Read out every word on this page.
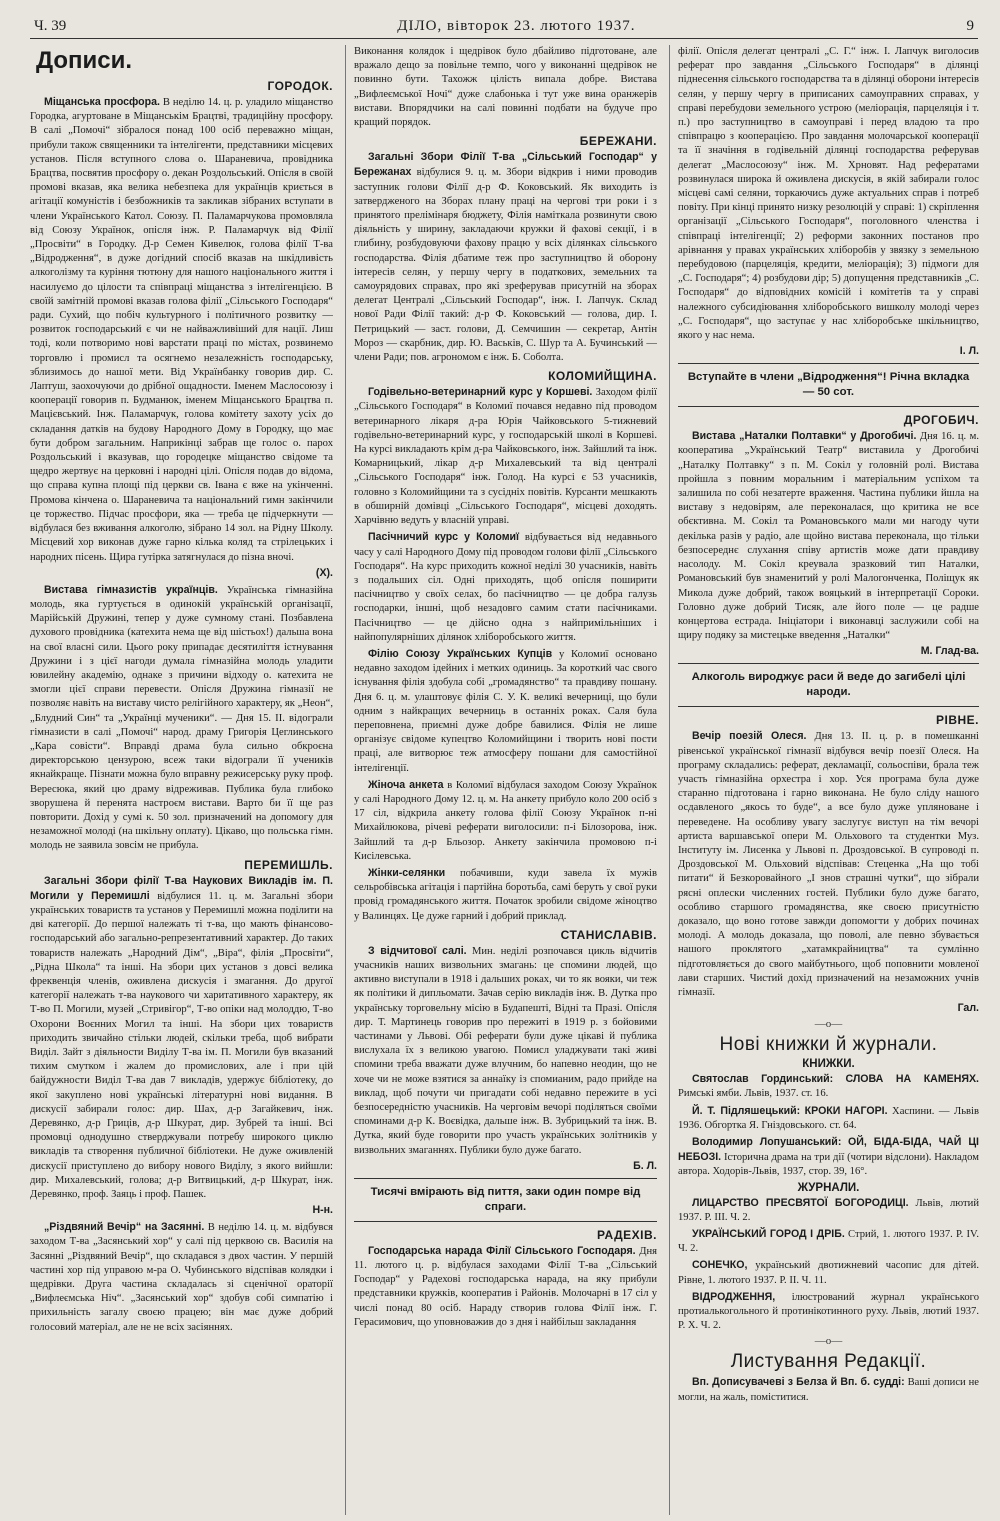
Ч. 39	ДІЛО, вівторок 23. лютого 1937.	9
Дописи.
ГОРОДОК.

Міщанська просфора. В неділю 14. ц. р. уладило міщанство Городка, агуртоване в Міщанськім Брацтві, традиційну просфору. В салі „Помочі“ зібралося понад 100 осіб переважно міщан, прибули також священники та інтелігенти, представники місцевих установ. Після вступного слова о. Шараневича, провідника Брацтва, посвятив просфору о. декан Роздольський. Опісля в своїй промові вказав, яка велика небезпека для українців криється в агітації комуністів і безбожників та закликав зібраних вступати в члени Українського Катол. Союзу. П. Паламарчукова промовляла від Союзу Українок, опісля інж. Р. Паламарчук від Філії „Просвіти“ в Городку. Д-р Семен Кивелюк, голова філії Т-ва „Відродження“, в дуже догідний спосіб вказав на шкідливість алкоголізму та куріння тютюну для нашого національного життя і насилуємо до цілости та співпраці міщанства з інтелігенцією. В своїй замітній промові вказав голова філії „Сільського Господаря“ ради. Сухий, що побіч культурного і політичного розвитку — розвиток господарський є чи не найважливіший для нації. Лиш тоді, коли потворимо нові варстати праці по містах, розвинемо торговлю і промисл та осягнемо незалежність господарську, зблизимось до нашої мети. Від Українбанку говорив дир. С. Лаптуш, заохочуючи до дрібної ощадности. Іменем Маслосоюзу і кооперації говорив п. Будманюк, іменем Міщанського Брацтва п. Мацієвський. Інж. Паламарчук, голова комітету захоту усіх до складання датків на будову Народного Дому в Городку, що має бути добром загальним. Наприкінці забрав ще голос о. парох Роздольський і вказував, що городецке міщанство свідоме та щедро жертвує на церковні і народні цілі. Опісля подав до відома, що справа купна площі під церкви св. Івана є вже на укінченні. Промова кінчена о. Шараневича та національний гимн закінчили це торжество. Підчас просфори, яка — треба це підчеркнути — відбулася без вживання алкоголю, зібрано 14 зол. на Рідну Школу. Місцевий хор виконав дуже гарно кілька коляд та стрілецьких і народних пісень. Щира гутірка затягнулася до пізна вночі.

(Х).

Вистава гімназистів українців. Українська гімназійна молодь, яка гуртується в одинокій українській організації, Марійській Дружині, тепер у дуже сумному стані. Позбавлена духового провідника (катехита нема ще від шістьох!) дальша вона на свої власні сили. Цього року припадає десятиліття істнування Дружини і з цієї нагоди думала гімназійна молодь уладити ювилейну академію, однаке з причини відходу о. катехита не змогли цієї справи перевести. Опісля Дружина гімназії не позволяє навіть на виставу чисто релігійного характеру, як „Неон“, „Блудний Син“ та „Українці мученики“. — Дня 15. II. відограли гімназисти в салі „Помочі“ народ. драму Григорія Цеглинського „Кара совісти“. Вправді драма була сильно обкроєна директорською цензурою, всеж таки відограли її учеників якнайкраще. Пізнати можна було вправну режисерську руку проф. Вересюка, який цю драму відреживав. Публика була глибоко зворушена й перенята настроєм вистави. Варто би її ще раз повторити. Дохід у сумі к. 50 зол. призначений на допомогу для незаможної молоді (на шкільну оплату). Цікаво, що польська гімн. молодь не заявила зовсім не прибула.

ПЕРЕМИШЛЬ.

Загальні Збори філії Т-ва Наукових Викладів ім. П. Могили у Перемишлі відбулися 11. ц. м. Загальні збори українських товариств та установ у Перемишлі можна поділити на дві категорії. До першої належать ті т-ва, що мають фінансово-господарський або загально-репрезентативний характер. До таких товариств належать „Народний Дім“, „Віра“, філія „Просвіти“, „Рідна Школа“ та інші. На збори цих установ з довсі велика фреквенція членів, оживлена дискусія і змагання. До другої категорії належать т-ва наукового чи харитативного характеру, як Т-во П. Могили, музей „Стривігор“, Т-во опіки над молоддю, Т-во Охорони Воєнних Могил та інші. На збори цих товариств приходить звичайно стільки людей, скільки треба, щоб вибрати Виділ. Зайт з діяльности Виділу Т-ва ім. П. Могили був вказаний тихим смутком і жалем до промислових, але і при цій байдужности Виділ Т-ва дав 7 викладів, удержує бібліотеку, до якої закуплено нові українські літературні нові видання. В дискусії забирали голос: дир. Шах, д-р Загайкевич, інж. Деревянко, д-р Гриців, д-р Шкурат, дир. Зубрей та інші. Всі промовці однодушно стверджували потребу широкого циклю викладів та створення публичної бібліотеки. Не дуже оживленій дискусії приступлено до вибору нового Виділу, з якого вийшли: дир. Михалевський, голова; д-р Витвицький, д-р Шкурат, інж. Деревянко, проф. Заяць і проф. Пашек.

Н-н.

„Різдвяний Вечір“ на Засянні. В неділю 14. ц. м. відбувся заходом Т-ва „Засянський хор“ у салі під церквою св. Василія на Засянні „Різдвяний Вечір“, що складався з двох частин. У першій частині хор під управою м-ра О. Чубинського відспівав колядки і щедрівки. Друга частина складалась зі сценічної ораторії „Вифлеємська Ніч“. „Засянський хор“ здобув собі симпатію і прихильність загалу своєю працею; він має дуже добрий голосовий матеріал, але не не всіх засіяннях.

Виконання колядок і щедрівок було дбайливо підготоване, але вражало дещо за повільне темпо, чого у виконанні щедрівок не повинно бути. Тахожж цілість випала добре. Вистава „Вифлеємської Ночі“ дуже слабонька і тут уже вина оранжерів вистави. Впорядчики на салі повинні подбати на будуче про кращий порядок.

БЕРЕЖАНИ.

Загальні Збори Філії Т-ва „Сільський Господар“ у Бережанах відбулися 9. ц. м. Збори відкрив і ними проводив заступник голови Філії д-р Ф. Коковський. Як виходить із затвердженого на Зборах плану праці на чергові три роки і з принятого прелімінаря бюджету, Філія наміткала розвинути свою діяльність у ширину, закладаючи кружки й фахові секції, і в глибину, розбудовуючи фахову працю у всіх ділянках сільського господарства. Філія дбатиме теж про заступництво й оборону інтересів селян, у першу чергу в податкових, земельних та самоурядових справах, про які зреферував присутній на зборах делегат Централі „Сільський Господар“, інж. І. Лапчук. Склад нової Ради Філії такий: д-р Ф. Коковський — голова, дир. І. Петрицький — заст. голови, Д. Семчишин — секретар, Антін Мороз — скарбник, дир. Ю. Васьків, С. Шур та А. Бучинський — члени Ради; пов. агрономом є інж. Б. Соболта.

КОЛОМИЙЩИНА.

Годівельно-ветеринарний курс у Коршеві. Заходом філії „Сільського Господаря“ в Коломиї почався недавно під проводом ветеринарного лікаря д-ра Юрія Чайковського 5-тижневий годівельно-ветеринарний курс, у господарській школі в Коршеві. На курсі викладають крім д-ра Чайковського, інж. Зайшлий та інж. Комарницький, лікар д-р Михалевський та від централі „Сільського Господаря“ інж. Голод. На курсі є 53 учасників, головно з Коломийщини та з сусідніх повітів. Курсанти мешкають в обширній домівці „Сільського Господаря“, місцеві доходять. Харчівню ведуть у власній управі.

Пасічничий курс у Коломиї відбувається від недавнього часу у салі Народного Дому під проводом голови філії „Сільського Господаря“. На курс приходить кожної неділі 30 учасників, навіть з подальших сіл. Одні приходять, щоб опісля поширити пасічництво у своїх селах, бо пасічництво — це добра галузь господарки, іншні, щоб незадовго самим стати пасічниками. Пасічництво — це дійсно одна з найпримільніших і найпопулярніших ділянок хліборобського життя.

Філію Союзу Українських Купців у Коломиї основано недавно заходом ідейних і метких одиниць. За короткий час свого існування філія здобула собі „громадянство“ та правдиву пошану. Дня 6. ц. м. улаштовує філія С. У. К. великі вечерниці, що були одним з найкращих вечерниць в останніх роках. Саля була переповнена, приємні дуже добре бавилися. Філія не лише організує свідоме купецтво Коломийщини і творить нові пости праці, але витворює теж атмосферу пошани для самостійної інтелігенції.

Жіноча анкета в Коломиї відбулася заходом Союзу Українок у салі Народного Дому 12. ц. м. На анкету прибуло коло 200 осіб з 17 сіл, відкрила анкету голова філії Союзу Українок п-ні Михайлюкова, річеві реферати виголосили: п-і Білозорова, інж. Зайшлий та д-р Бльозор. Анкету закінчила промовою п-і Кисілевська.

Жінки-селянки побачивши, куди завела їх мужів сельробівська агітація і партійна боротьба, самі беруть у свої руки провід громадянського життя. Початок зробили свідоме жіноцтво у Валинцях. Це дуже гарний і добрий приклад.

СТАНИСЛАВІВ.

З відчитової салі. Мин. неділі розпочався цикль відчитів учасників наших визвольних змагань: це спомини людей, що активно виступали в 1918 і дальших роках, чи то як вояки, чи теж як політики й дипльомати. Зачав серію викладів інж. В. Дутка про українську торговельну місію в Будапешті, Відні та Празі. Опісля дир. Т. Мартинець говорив про пережиті в 1919 р. з бойовими частинами у Львові. Обі реферати були дуже цікаві й публика вислухала їх з великою увагою. Помисл уладжувати такі живі спомини треба вважати дуже влучним, бо напевно неодин, що не хоче чи не може взятися за аннаїку із спомианим, радо прийде на виклад, щоб почути чи пригадати собі недавно пережите в усі безпосередністю учасників. На черговім вечорі поділяться своїми споминами д-р К. Воєвідка, дальше інж. В. Зубрицький та інж. В. Дутка, який буде говорити про участь українських золітників у визвольних змаганнях. Публики було дуже багато.

Б. Л.
Тисячі вмірають від пиття, заки один помре від спраги.
РАДЕХІВ.

Господарська нарада Філії Сільського Господаря. Дня 11. лютого ц. р. відбулася заходами Філії Т-ва „Сільський Господар“ у Радехові господарська нарада, на яку прибули представники кружків, кооператив і Районів. Молочарні в 17 сіл у числі понад 80 осіб. Нараду створив голова Філії інж. Г. Герасимович, що уповноважив до з дня і найбільш закладання

філії. Опісля делегат централі „С. Г.“ інж. І. Лапчук виголосив реферат про завдання „Сільського Господаря“ в ділянці піднесення сільського господарства та в ділянці оборони інтересів селян, у першу чергу в приписаних самоуправних справах, у справі перебудови земельного устрою (меліорація, парцеляція і т. п.) про заступництво в самоуправі і перед владою та про співпрацю з кооперацією. Про завдання молочарської кооперації та її значіння в годівельній ділянці господарства реферував делегат „Маслосоюзу“ інж. М. Хрновят. Над рефератами розвинулася широка й оживлена дискусія, в якій забирали голос місцеві самі селяни, торкаючись дуже актуальних справ і потреб повіту. При кінці принято низку резолюцій у справі: 1) скріплення організації „Сільського Господаря“, поголовного членства і співпраці інтелігенції; 2) реформи законних постанов про арівнання у правах українських хліборобів у звязку з земельною перебудовою (парцеляція, кредити, меліорація); 3) підмоги для „С. Господаря“; 4) розбудови дір; 5) допущення представників „С. Господаря“ до відповідних комісій і комітетів та у справі належного субсидіювання хліборобського вишколу молоді через „С. Господаря“, що заступає у нас хліборобське шкільництво, якого у нас нема.

І. Л.
Вступайте в члени „Відродження“! Річна вкладка — 50 сот.
ДРОГОБИЧ.

Вистава „Наталки Полтавки“ у Дрогобичі. Дня 16. ц. м. кооператива „Український Театр“ виставила у Дрогобичі „Наталку Полтавку“ з п. М. Сокіл у головній ролі. Вистава пройшла з повним моральним і матеріальним успіхом та залишила по собі незатерте враження. Частина публики йшла на виставу з недовірям, але переконалася, що критика не все обєктивна. М. Сокіл та Романовського мали ми нагоду чути декілька разів у радіо, але щойно вистава переконала, що тільки безпосереднє слухання співу артистів може дати правдиву насолоду. М. Сокіл креувала зразковий тип Наталки, Романовський був знаменитий у ролі Малогонченка, Поліщук як Микола дуже добрий, також вояцький в інтерпретації Сороки. Головно дуже добрий Тисяк, але його поле — це радше концертова естрада. Ініціатори і виконавці заслужили собі на щиру подяку за мистецьке введення „Наталки“

М. Глад-ва.
Алкоголь вироджує раси й веде до загибелі цілі народи.
РІВНЕ.

Вечір поезій Олеся. Дня 13. II. ц. р. в помешканні рівенської української гімназії відбувся вечір поезії Олеся. На програму складались: реферат, декламації, сольоспіви, брала теж участь гімназійна орхестра і хор. Уся програма була дуже старанно підготована і гарно виконана. Не було сліду нашого осдавленого „якось то буде“, а все було дуже упляноване і переведене. На особливу увагу заслугує виступ на тім вечорі артиста варшавської опери М. Ольхового та студентки Муз. Інституту ім. Лисенка у Львові п. Дроздовської. В супроводі п. Дроздовської М. Ольховий відспівав: Стеценка „На що тобі питати“ й Безкоровайного „І знов страшні чутки“, що зібрали рясні оплески численних гостей. Публики було дуже багато, особливо старшого громадянства, яке своєю присутністю доказало, що воно готове завжди допомогти у добрих починах молоді. А молодь доказала, що поволі, але певно збувається нашого проклятого „хатамкрайництва“ та сумлінно підготовляється до свого майбутнього, щоб поповнити мовленої лави старших. Чистий дохід призначений на незаможних учнів гімназії.

Гал.
—о—
Нові книжки й журнали.
КНИЖКИ.

Святослав Гординський: СЛОВА НА КАМЕНЯХ. Римські ямби. Львів, 1937. ст. 16.

Й. Т. Підляшецький: КРОКИ НАГОРІ. Хаспини. — Львів 1936. Обгортка Я. Гніздовського. ст. 64.

Володимир Лопушанський: ОЙ, БІДА-БІДА, ЧАЙ ЦІ НЕБОЗІ. Історична драма на три дії (чотири відслони). Накладом автора. Ходорів-Львів, 1937, стор. 39, 16°.

ЖУРНАЛИ.

ЛИЦАРСТВО ПРЕСВЯТОЇ БОГОРОДИЦІ. Львів, лютий 1937. Р. III. Ч. 2.

УКРАЇНСЬКИЙ ГОРОД І ДРІБ. Стрий, 1. лютого 1937. Р. IV. Ч. 2.

СОНЕЧКО, український двотижневий часопис для дітей. Рівне, 1. лютого 1937. Р. II. Ч. 11.

ВІДРОДЖЕННЯ, ілюстрований журнал українського протиалькогольного й протинікотинного руху. Львів, лютий 1937. Р. Х. Ч. 2.

—о—
Листування Редакції.

Вп. Дописувачеві з Белза й Вп. б. судді: Ваші дописи не могли, на жаль, поміститися.
